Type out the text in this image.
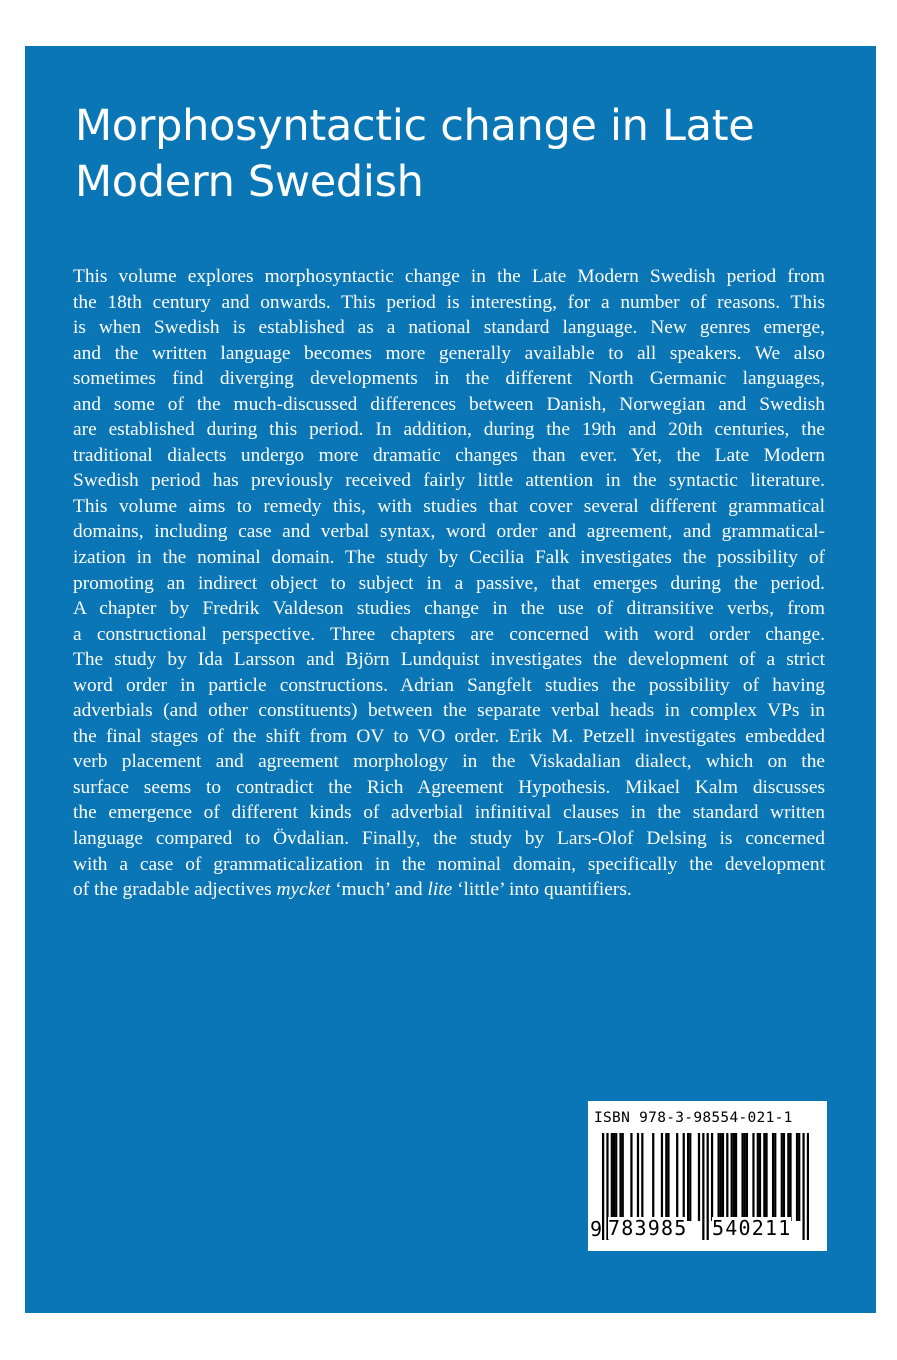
Morphosyntactic change in Late Modern Swedish
This volume explores morphosyntactic change in the Late Modern Swedish period from
the 18th century and onwards. This period is interesting, for a number of reasons. This
is when Swedish is established as a national standard language. New genres emerge,
and the written language becomes more generally available to all speakers. We also
sometimes find diverging developments in the different North Germanic languages,
and some of the much-discussed differences between Danish, Norwegian and Swedish
are established during this period. In addition, during the 19th and 20th centuries, the
traditional dialects undergo more dramatic changes than ever. Yet, the Late Modern
Swedish period has previously received fairly little attention in the syntactic literature.
This volume aims to remedy this, with studies that cover several different grammatical
domains, including case and verbal syntax, word order and agreement, and grammatical-
ization in the nominal domain. The study by Cecilia Falk investigates the possibility of
promoting an indirect object to subject in a passive, that emerges during the period.
A chapter by Fredrik Valdeson studies change in the use of ditransitive verbs, from
a constructional perspective. Three chapters are concerned with word order change.
The study by Ida Larsson and Björn Lundquist investigates the development of a strict
word order in particle constructions. Adrian Sangfelt studies the possibility of having
adverbials (and other constituents) between the separate verbal heads in complex VPs in
the final stages of the shift from OV to VO order. Erik M. Petzell investigates embedded
verb placement and agreement morphology in the Viskadalian dialect, which on the
surface seems to contradict the Rich Agreement Hypothesis. Mikael Kalm discusses
the emergence of different kinds of adverbial infinitival clauses in the standard written
language compared to Övdalian. Finally, the study by Lars-Olof Delsing is concerned
with a case of grammaticalization in the nominal domain, specifically the development
of the gradable adjectives mycket ‘much’ and lite ‘little’ into quantifiers.
ISBN 978-3-98554-021-1
9 783985 540211
